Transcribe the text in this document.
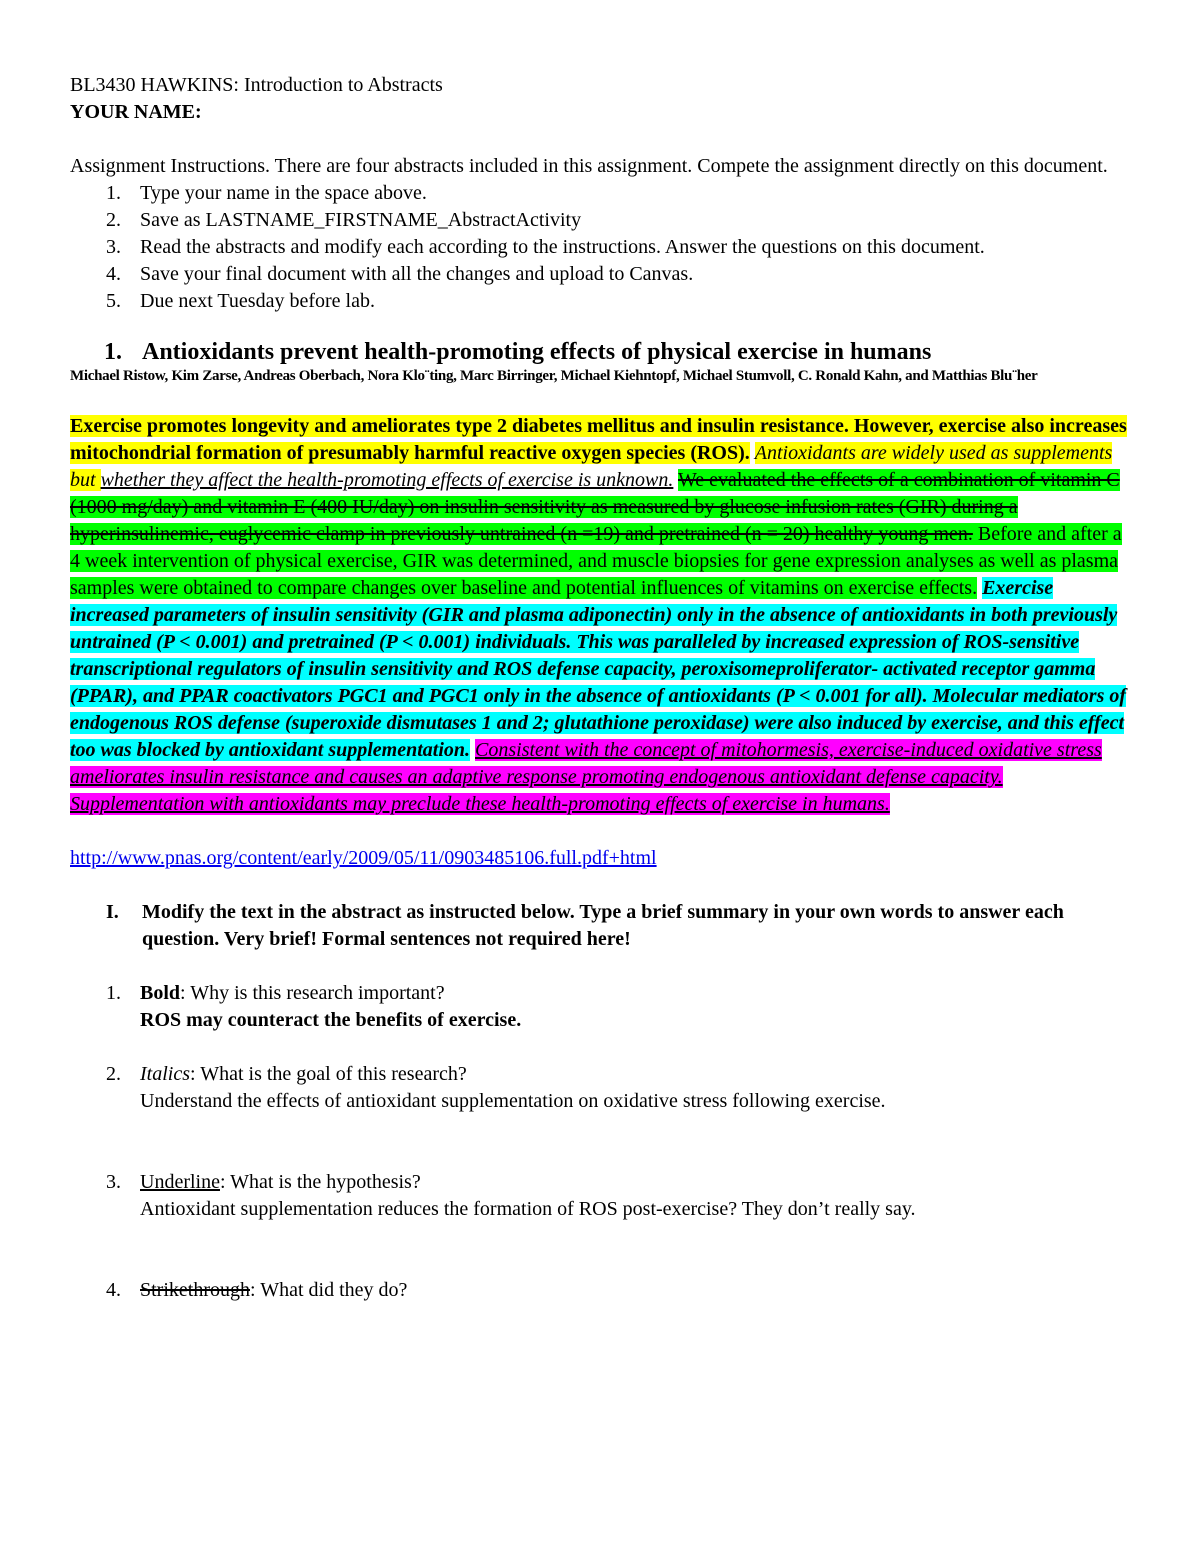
BL3430 HAWKINS: Introduction to Abstracts
YOUR NAME:
Assignment Instructions. There are four abstracts included in this assignment. Compete the assignment directly on this document.
1. Type your name in the space above.
2. Save as LASTNAME_FIRSTNAME_AbstractActivity
3. Read the abstracts and modify each according to the instructions. Answer the questions on this document.
4. Save your final document with all the changes and upload to Canvas.
5. Due next Tuesday before lab.
1. Antioxidants prevent health-promoting effects of physical exercise in humans
Michael Ristow, Kim Zarse, Andreas Oberbach, Nora Klo¨ting, Marc Birringer, Michael Kiehntopf, Michael Stumvoll, C. Ronald Kahn, and Matthias Blu¨her
Exercise promotes longevity and ameliorates type 2 diabetes mellitus and insulin resistance. However, exercise also increases mitochondrial formation of presumably harmful reactive oxygen species (ROS). Antioxidants are widely used as supplements but whether they affect the health-promoting effects of exercise is unknown. We evaluated the effects of a combination of vitamin C (1000 mg/day) and vitamin E (400 IU/day) on insulin sensitivity as measured by glucose infusion rates (GIR) during a hyperinsulinemic, euglycemic clamp in previously untrained (n =19) and pretrained (n = 20) healthy young men. Before and after a 4 week intervention of physical exercise, GIR was determined, and muscle biopsies for gene expression analyses as well as plasma samples were obtained to compare changes over baseline and potential influences of vitamins on exercise effects. Exercise increased parameters of insulin sensitivity (GIR and plasma adiponectin) only in the absence of antioxidants in both previously untrained (P < 0.001) and pretrained (P < 0.001) individuals. This was paralleled by increased expression of ROS-sensitive transcriptional regulators of insulin sensitivity and ROS defense capacity, peroxisomeproliferator- activated receptor gamma (PPAR), and PPAR coactivators PGC1 and PGC1 only in the absence of antioxidants (P < 0.001 for all). Molecular mediators of endogenous ROS defense (superoxide dismutases 1 and 2; glutathione peroxidase) were also induced by exercise, and this effect too was blocked by antioxidant supplementation. Consistent with the concept of mitohormesis, exercise-induced oxidative stress ameliorates insulin resistance and causes an adaptive response promoting endogenous antioxidant defense capacity. Supplementation with antioxidants may preclude these health-promoting effects of exercise in humans.
http://www.pnas.org/content/early/2009/05/11/0903485106.full.pdf+html
I. Modify the text in the abstract as instructed below. Type a brief summary in your own words to answer each question. Very brief! Formal sentences not required here!
1. Bold: Why is this research important?
ROS may counteract the benefits of exercise.
2. Italics: What is the goal of this research?
Understand the effects of antioxidant supplementation on oxidative stress following exercise.
3. Underline: What is the hypothesis?
Antioxidant supplementation reduces the formation of ROS post-exercise? They don’t really say.
4. Strikethrough: What did they do?
